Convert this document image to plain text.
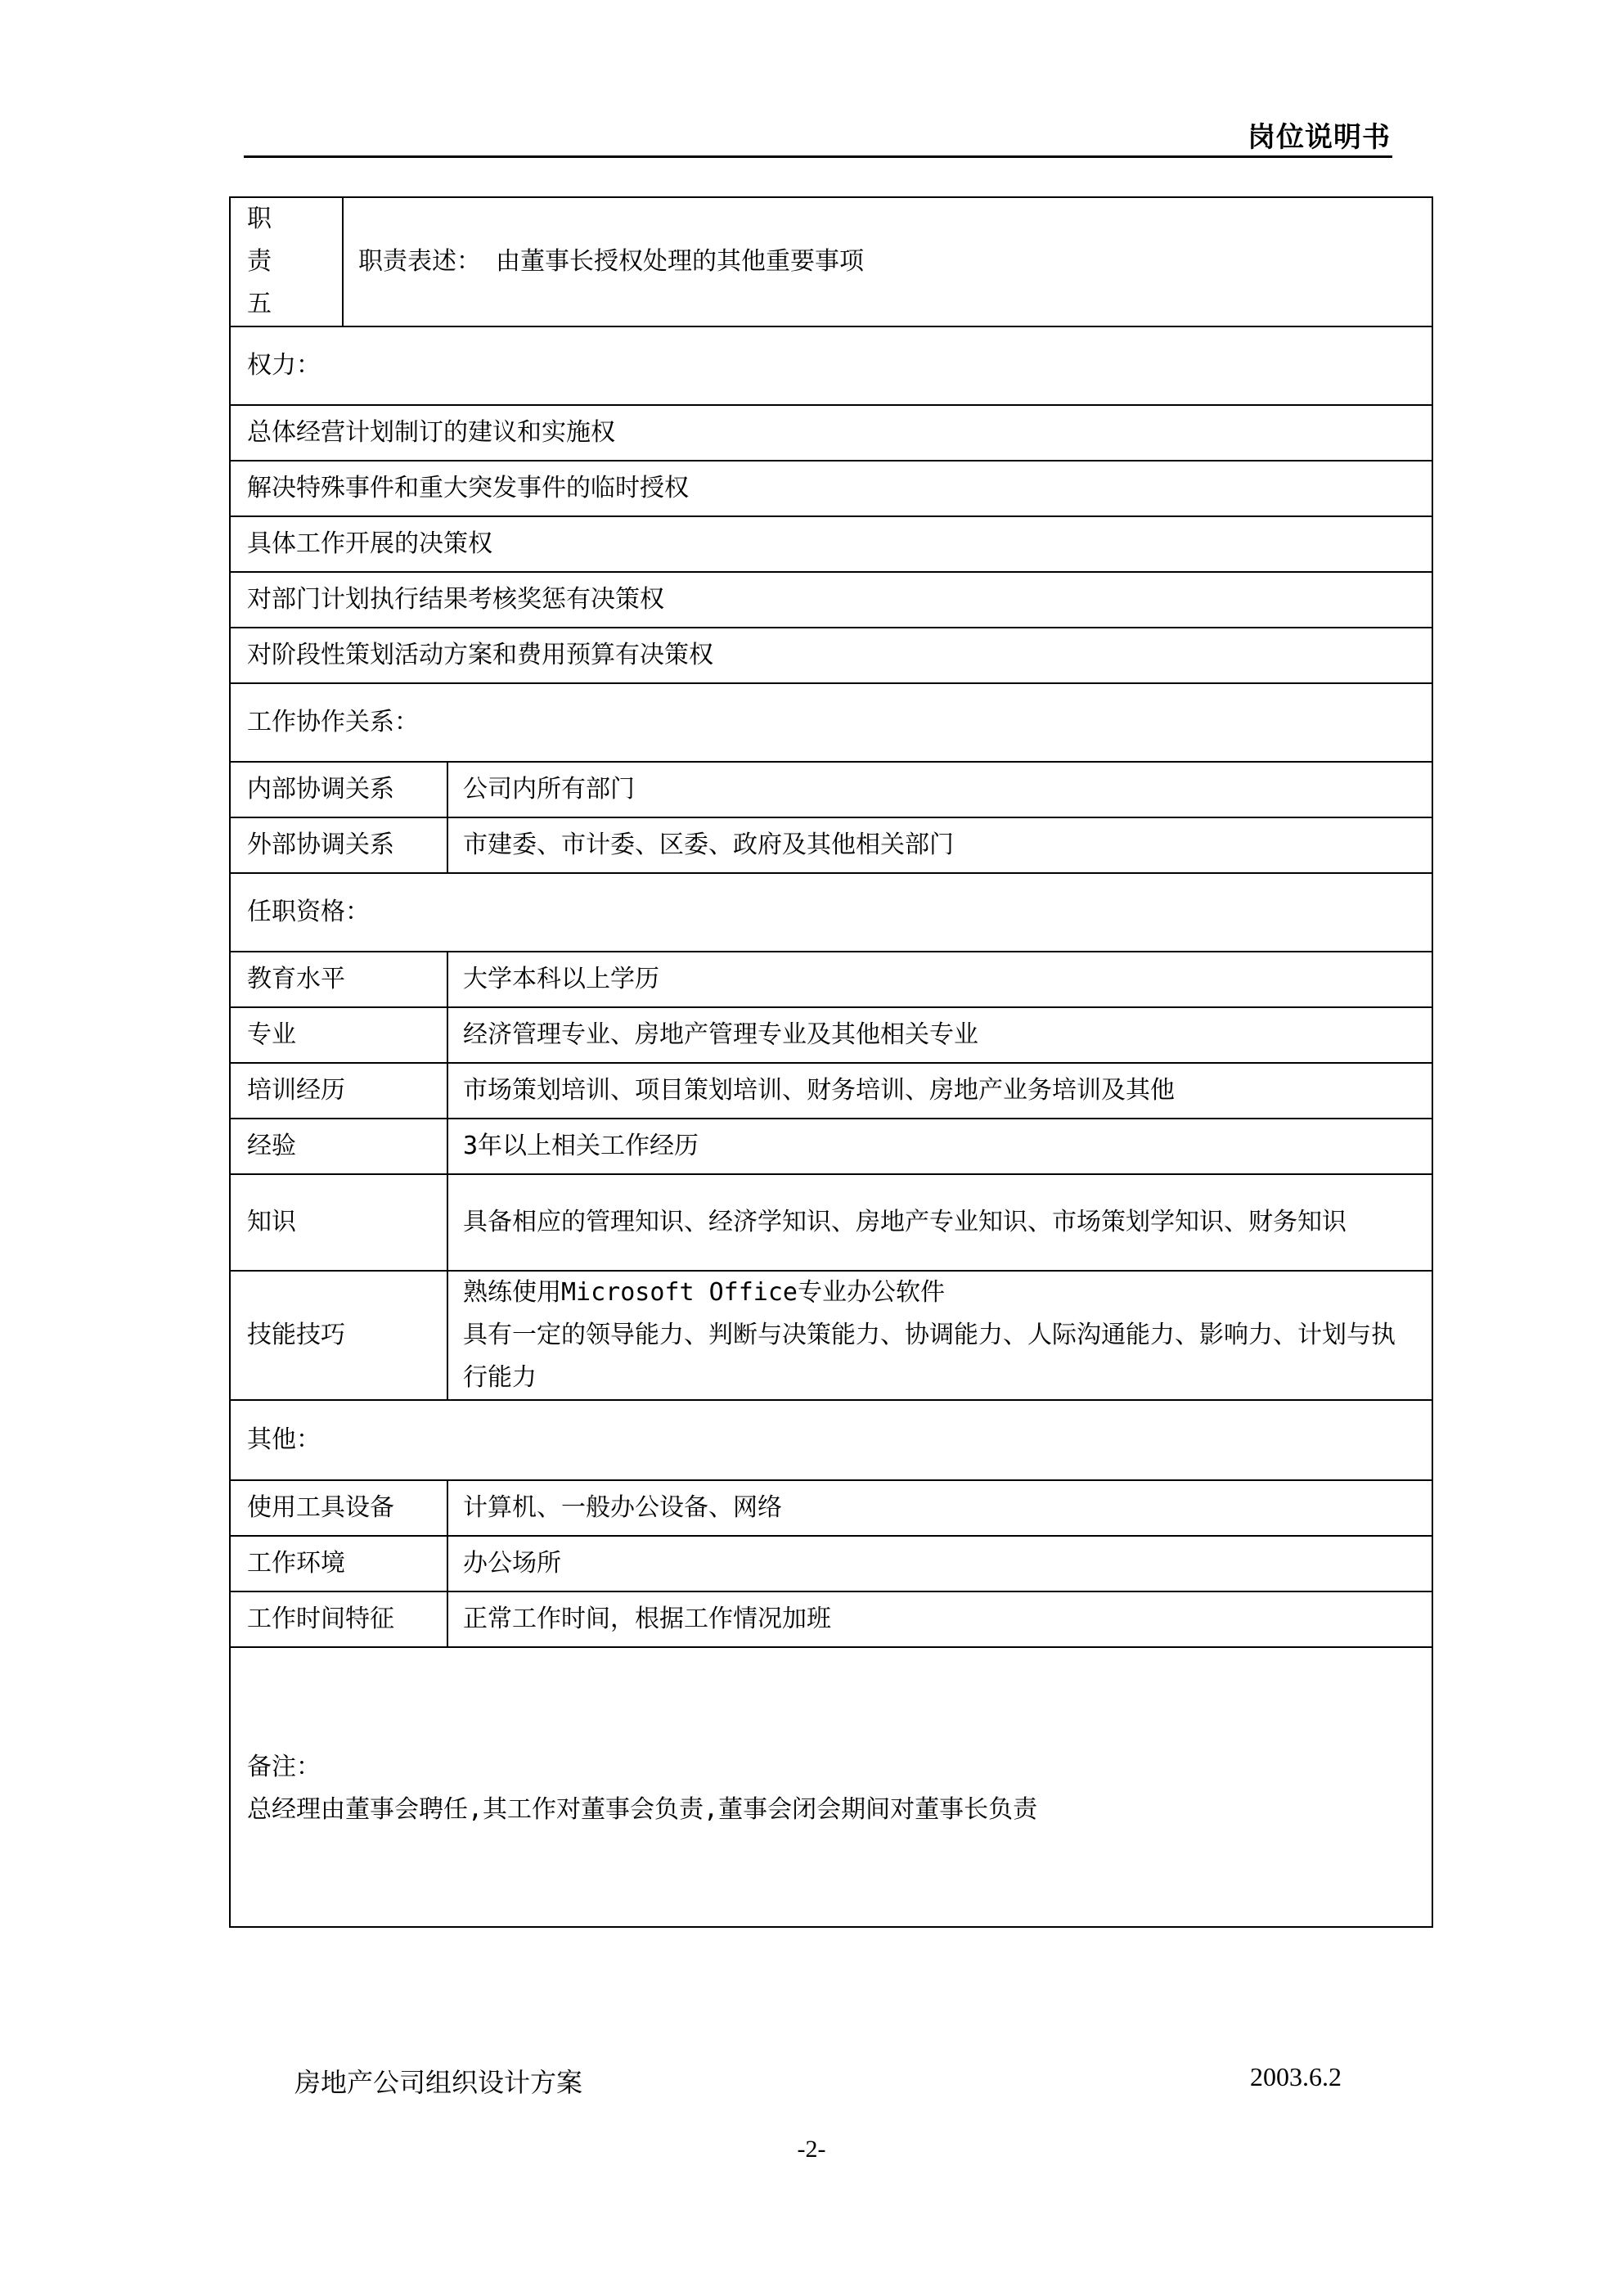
岗位说明书
职责五	职责表述： 由董事长授权处理的其他重要事项	
权力：		
总体经营计划制订的建议和实施权		
解决特殊事件和重大突发事件的临时授权		
具体工作开展的决策权		
对部门计划执行结果考核奖惩有决策权		
对阶段性策划活动方案和费用预算有决策权		
工作协作关系：		
内部协调关系		公司内所有部门
外部协调关系		市建委、市计委、区委、政府及其他相关部门
任职资格：		
教育水平		大学本科以上学历
专业		经济管理专业、房地产管理专业及其他相关专业
培训经历		市场策划培训、项目策划培训、财务培训、房地产业务培训及其他
经验		3年以上相关工作经历
知识		具备相应的管理知识、经济学知识、房地产专业知识、市场策划学知识、财务知识
技能技巧		熟练使用Microsoft Office专业办公软件
具有一定的领导能力、判断与决策能力、协调能力、人际沟通能力、影响力、计划与执行能力

其他：		
使用工具设备		计算机、一般办公设备、网络
工作环境		办公场所
工作时间特征		正常工作时间，根据工作情况加班

备注：
总经理由董事会聘任,其工作对董事会负责,董事会闭会期间对董事长负责		
房地产公司组织设计方案	2003.6.2
-2-
